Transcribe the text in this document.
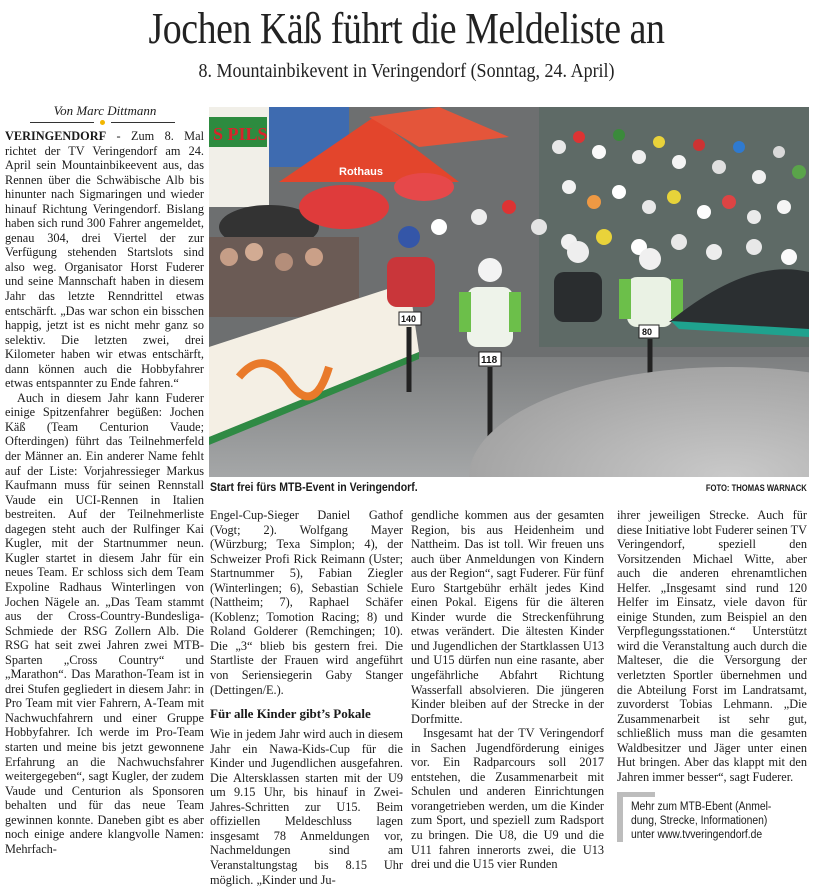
Jochen Käß führt die Meldeliste an
8. Mountainbikevent in Veringendorf (Sonntag, 24. April)
Von Marc Dittmann

VERINGENDORF - Zum 8. Mal richtet der TV Veringendorf am 24. April sein Mountainbikeevent aus, das Rennen über die Schwäbische Alb bis hinunter nach Sigmaringen und wieder hinauf Richtung Veringendorf. Bislang haben sich rund 300 Fahrer angemeldet, genau 304, drei Viertel der zur Verfügung stehenden Startslots sind also weg. Organisator Horst Fuderer und seine Mannschaft haben in diesem Jahr das letzte Renndrittel etwas entschärft. „Das war schon ein bisschen happig, jetzt ist es nicht mehr ganz so selektiv. Die letzten zwei, drei Kilometer haben wir etwas entschärft, dann können auch die Hobbyfahrer etwas entspannter zu Ende fahren.“

Auch in diesem Jahr kann Fuderer einige Spitzenfahrer begüßen: Jochen Käß (Team Centurion Vaude; Ofterdingen) führt das Teilnehmerfeld der Männer an. Ein anderer Name fehlt auf der Liste: Vorjahressieger Markus Kaufmann muss für seinen Rennstall Vaude ein UCI-Rennen in Italien bestreiten. Auf der Teilnehmerliste dagegen steht auch der Rulfinger Kai Kugler, mit der Startnummer neun. Kugler startet in diesem Jahr für ein neues Team. Er schloss sich dem Team Expoline Radhaus Winterlingen von Jochen Nägele an. „Das Team stammt aus der Cross-Country-Bundesliga-Schmiede der RSG Zollern Alb. Die RSG hat seit zwei Jahren zwei MTB-Sparten „Cross Country“ und „Marathon“. Das Marathon-Team ist in drei Stufen gegliedert in diesem Jahr: in Pro Team mit vier Fahrern, A-Team mit Nachwuchfahrern und einer Gruppe Hobbyfahrer. Ich werde im Pro-Team starten und meine bis jetzt gewonnene Erfahrung an die Nachwuchsfahrer weitergegeben“, sagt Kugler, der zudem Vaude und Centurion als Sponsoren behalten und für das neue Team gewinnen konnte. Daneben gibt es aber noch einige andere klangvolle Namen: Mehrfach-

S PILS
Rothaus
118
140
80
Start frei fürs MTB-Event in Veringendorf.	FOTO: THOMAS WARNACK

Engel-Cup-Sieger Daniel Gathof (Vogt; 2). Wolfgang Mayer (Würzburg; Texa Simplon; 4), der Schweizer Profi Rick Reimann (Uster; Startnummer 5), Fabian Ziegler (Winterlingen; 6), Sebastian Schiele (Nattheim; 7), Raphael Schäfer (Koblenz; Tomotion Racing; 8) und Roland Golderer (Remchingen; 10). Die „3“ blieb bis gestern frei. Die Startliste der Frauen wird angeführt von Seriensiegerin Gaby Stanger (Dettingen/E.).

Für alle Kinder gibt’s Pokale

Wie in jedem Jahr wird auch in diesem Jahr ein Nawa-Kids-Cup für die Kinder und Jugendlichen ausgefahren. Die Altersklassen starten mit der U9 um 9.15 Uhr, bis hinauf in Zwei-Jahres-Schritten zur U15. Beim offiziellen Meldeschluss lagen insgesamt 78 Anmeldungen vor, Nachmeldungen sind am Veranstaltungstag bis 8.15 Uhr möglich. „Kinder und Ju-

gendliche kommen aus der gesamten Region, bis aus Heidenheim und Nattheim. Das ist toll. Wir freuen uns auch über Anmeldungen von Kindern aus der Region“, sagt Fuderer. Für fünf Euro Startgebühr erhält jedes Kind einen Pokal. Eigens für die älteren Kinder wurde die Streckenführung etwas verändert. Die ältesten Kinder und Jugendlichen der Startklassen U13 und U15 dürfen nun eine rasante, aber ungefährliche Abfahrt Richtung Wasserfall absolvieren. Die jüngeren Kinder bleiben auf der Strecke in der Dorfmitte.

Insgesamt hat der TV Veringendorf in Sachen Jugendförderung einiges vor. Ein Radparcours soll 2017 entstehen, die Zusammenarbeit mit Schulen und anderen Einrichtungen vorangetrieben werden, um die Kinder zum Sport, und speziell zum Radsport zu bringen. Die U8, die U9 und die U11 fahren innerorts zwei, die U13 drei und die U15 vier Runden

ihrer jeweiligen Strecke. Auch für diese Initiative lobt Fuderer seinen TV Veringendorf, speziell den Vorsitzenden Michael Witte, aber auch die anderen ehrenamtlichen Helfer. „Insgesamt sind rund 120 Helfer im Einsatz, viele davon für einige Stunden, zum Beispiel an den Verpflegungsstationen.“ Unterstützt wird die Veranstaltung auch durch die Malteser, die die Versorgung der verletzten Sportler übernehmen und die Abteilung Forst im Landratsamt, zuvorderst Tobias Lehmann. „Die Zusammenarbeit ist sehr gut, schließlich muss man die gesamten Waldbesitzer und Jäger unter einen Hut bringen. Aber das klappt mit den Jahren immer besser“, sagt Fuderer.

Mehr zum MTB-Ebent (Anmel-
dung, Strecke, Informationen)
unter www.tvveringendorf.de
